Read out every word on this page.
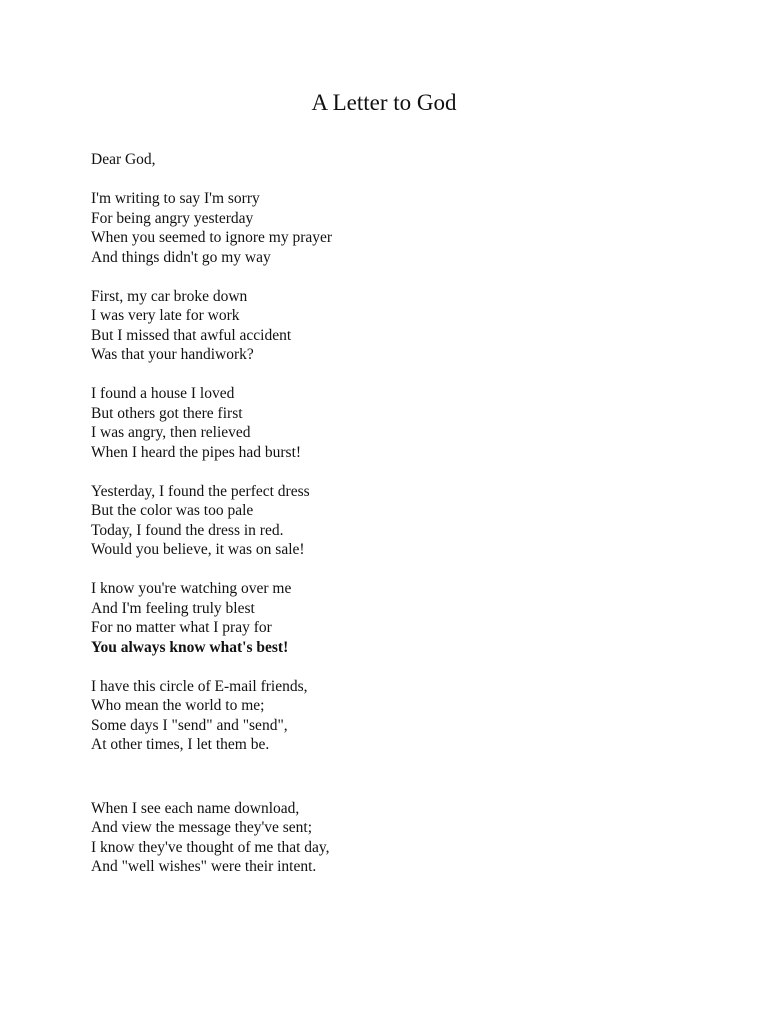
A Letter to God
Dear God,
I'm writing to say I'm sorry
For being angry yesterday
When you seemed to ignore my prayer
And things didn't go my way
First, my car broke down
I was very late for work
But I missed that awful accident
Was that your handiwork?
I found a house I loved
But others got there first
I was angry, then relieved
When I heard the pipes had burst!
Yesterday, I found the perfect dress
But the color was too pale
Today, I found the dress in red.
Would you believe, it was on sale!
I know you're watching over me
And I'm feeling truly blest
For no matter what I pray for
You always know what's best!
I have this circle of E-mail friends,
Who mean the world to me;
Some days I "send" and "send",
At other times, I let them be.
When I see each name download,
And view the message they've sent;
I know they've thought of me that day,
And "well wishes" were their intent.
